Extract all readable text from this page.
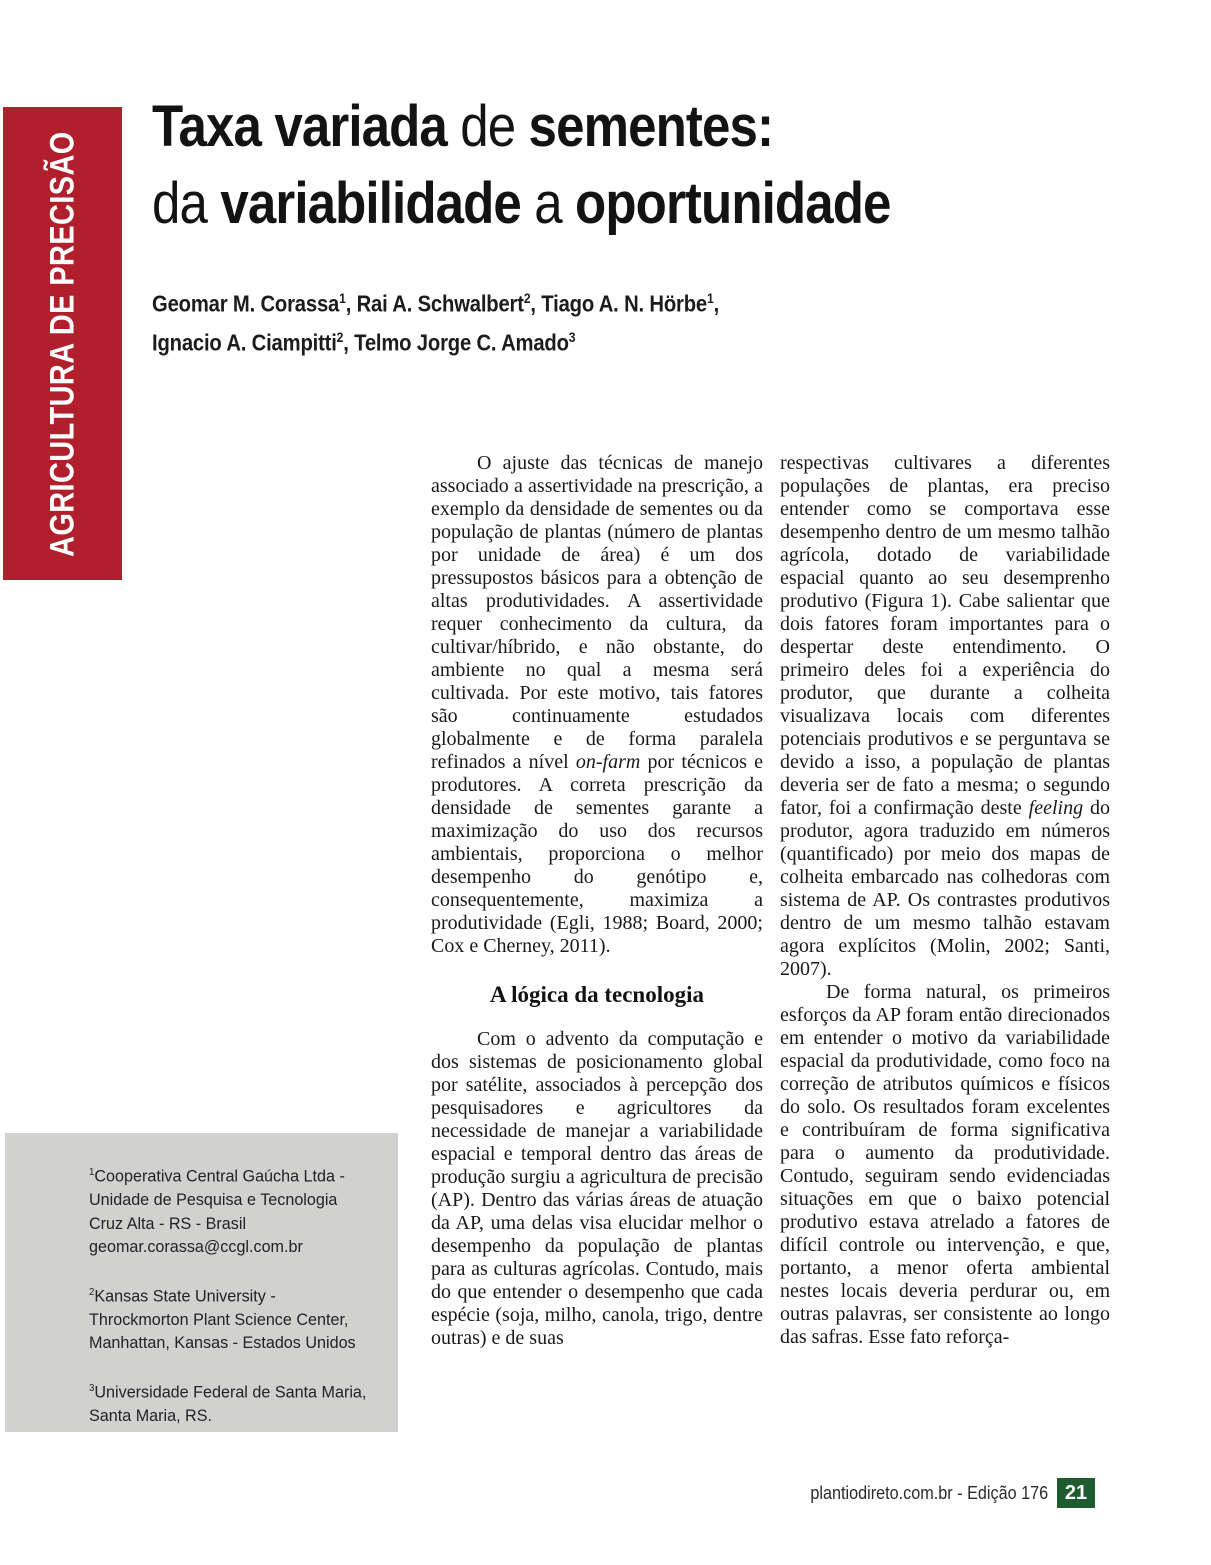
AGRICULTURA DE PRECISÃO
Taxa variada de sementes:
da variabilidade a oportunidade
Geomar M. Corassa$^1$, Rai A. Schwalbert$^2$, Tiago A. N. Hörbe$^1$,
Ignacio A. Ciampitti$^2$, Telmo Jorge C. Amado$^3$

O ajuste das técnicas de manejo associado a assertividade na prescrição, a exemplo da densidade de sementes ou da população de plantas (número de plantas por unidade de área) é um dos pressupostos básicos para a obtenção de altas produtividades. A assertividade requer conhecimento da cultura, da cultivar/híbrido, e não obstante, do ambiente no qual a mesma será cultivada. Por este motivo, tais fatores são continuamente estudados globalmente e de forma paralela refinados a nível on-farm por técnicos e produtores. A correta prescrição da densidade de sementes garante a maximização do uso dos recursos ambientais, proporciona o melhor desempenho do genótipo e, consequentemente, maximiza a produtividade (Egli, 1988; Board, 2000; Cox e Cherney, 2011).

A lógica da tecnologia

Com o advento da computação e dos sistemas de posicionamento global por satélite, associados à percepção dos pesquisadores e agricultores da necessidade de manejar a variabilidade espacial e temporal dentro das áreas de produção surgiu a agricultura de precisão (AP). Dentro das várias áreas de atuação da AP, uma delas visa elucidar melhor o desempenho da população de plantas para as culturas agrícolas. Contudo, mais do que entender o desempenho que cada espécie (soja, milho, canola, trigo, dentre outras) e de suas

respectivas cultivares a diferentes populações de plantas, era preciso entender como se comportava esse desempenho dentro de um mesmo talhão agrícola, dotado de variabilidade espacial quanto ao seu desemprenho produtivo (Figura 1). Cabe salientar que dois fatores foram importantes para o despertar deste entendimento. O primeiro deles foi a experiência do produtor, que durante a colheita visualizava locais com diferentes potenciais produtivos e se perguntava se devido a isso, a população de plantas deveria ser de fato a mesma; o segundo fator, foi a confirmação deste feeling do produtor, agora traduzido em números (quantificado) por meio dos mapas de colheita embarcado nas colhedoras com sistema de AP. Os contrastes produtivos dentro de um mesmo talhão estavam agora explícitos (Molin, 2002; Santi, 2007).

De forma natural, os primeiros esforços da AP foram então direcionados em entender o motivo da variabilidade espacial da produtividade, como foco na correção de atributos químicos e físicos do solo. Os resultados foram excelentes e contribuíram de forma significativa para o aumento da produtividade. Contudo, seguiram sendo evidenciadas situações em que o baixo potencial produtivo estava atrelado a fatores de difícil controle ou intervenção, e que, portanto, a menor oferta ambiental nestes locais deveria perdurar ou, em outras palavras, ser consistente ao longo das safras. Esse fato reforça-

$^1$Cooperativa Central Gaúcha Ltda -
Unidade de Pesquisa e Tecnologia
Cruz Alta - RS - Brasil
geomar.corassa@ccgl.com.br

$^2$Kansas State University -
Throckmorton Plant Science Center,
Manhattan, Kansas - Estados Unidos

$^3$Universidade Federal de Santa Maria,
Santa Maria, RS.

plantiodireto.com.br - Edição 176 21
